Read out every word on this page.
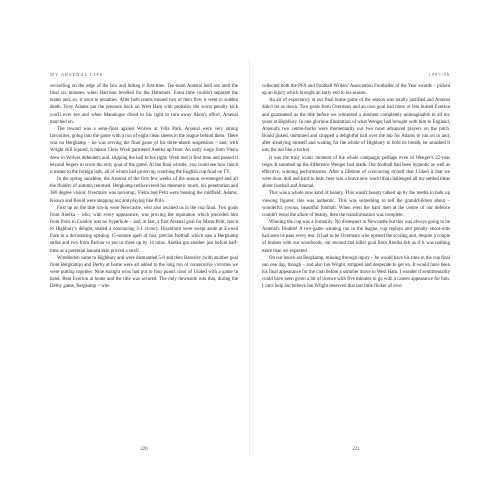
MY ARSENAL LIFE

swivelling on the edge of the box and hitting it first-time. Ten-team Arsenal held out until the final six minutes, when Harrison levelled for the Hammers. Extra time couldn't separate the teams and, so, it went to penalties. After both teams missed two of their five, it went to sudden death. Tony Adams put the pressure back on West Ham with probably the worst penalty kick you'll ever see and when Manninger dived to his right to turn away Abou's effort, Arsenal marched on.

The reward was a semi-final against Wolves at Villa Park. Arsenal were very strong favourites, going into the game with a run of eight clean sheets in the league behind them. There was no Bergkamp – he was serving the final game of his three-match suspension – and, with Wright still injured, it meant Chris Wreh partnered Anelka up front. An early surge from Vieira drew in Wolves defenders and, slipping the ball to his right, Wreh met it first time and passed it beyond Segers to score the only goal of the game. At the final whistle, you could see how much it meant to the foreign lads, all of whom had grown up watching the English cup final on TV.

In the spring sunshine, the Arsenal of the first few weeks of the season re-emerged and all the fluidity of autumn returned. Bergkamp rediscovered his mesmeric touch, his penetration and 380 degree vision; Overmars was non-stop; Vieira and Petit were bossing the midfield; Adams, Keown and Bould were stepping out and playing like Pirlo.

First up on the title run-in were Newcastle, who also awaited us in the cup final. Two goals from Anelka – who, with every appearance, was proving the reputation which preceded him from Paris to London was no hyperbole – and, at last, a first Arsenal goal for Manu Petit, much to Highbury's delight, sealed a convincing 3-1 victory. Blackburn were swept aside at Ewood Park in a devastating opening 15-minute spell of fast, precise football which saw a Bergkamp strike and two from Parlour to put us three up by 14 mins. Anelka got another just before half-time as a potential banana skin proved a stroll.

Wimbledon came to Highbury and were dismantled 5-0 and then Barnsley (with another goal from Bergkamp) and Derby at home were all added to the long run of consecutive victories we were putting together. Nine straight wins had put to four points clear of United with a game in hand. Beat Everton at home and the title was secured. The only downside was that, during the Derby game, Bergkamp – who

220
1997/98

collected both the PFA and Football Writers' Association Footballer of the Year awards – picked up an injury which brought an early end to his season.

An air of expectancy at our final home game of the season was totally justified and Arsenal didn't let us down. Two goals from Overmars and an own goal had more or less buried Everton and guaranteed us the title before we witnessed a moment completely unimaginable in all my years at Highbury. In one glorious illustration of what Wenger had brought with him to England, Arsenal's two centre-backs were momentarily our two most advanced players on the pitch. Bould jinked, dummied and chipped a delightful ball over the top for Adams to run on to and, after steadying himself and waiting for the whole of Highbury to hold its breath, he smashed it into the net like a rocket.

It was the truly iconic moment of the whole campaign, perhaps even of Wenger's 22-year reign. It summed up the difference Wenger had made. Our football had been hypnotic as well as effective, winning performances. After a lifetime of convincing myself that I liked it that we were dour, dull and hard to beat, here was a brave new world that challenged all my settled ideas about football and Arsenal.

This was a whole new kind of beauty. This wasn't beauty talked up by the media to bulk up viewing figures; this was authentic. This was something to tell the grandchildren about – wonderful, joyous, beautiful football. When even the hard men at the centre of our defence couldn't resist the allure of beauty, then the transformation was complete.

Winning the cup was a formality. No disrespect to Newcastle but this was always going to be Arsenal's Double! A two-game winning run in the league, cup replays and penalty shoot-outs had seen us pass every test. It had to be Overmars who opened the scoring and, despite a couple of bruises with our woodwork, our second and killer goal from Anelka felt as if it was nothing more than we expected.

On our bench sat Bergkamp, missing through injury – he would have his time in the cup final sun one day, though – and also Ian Wright, stripped and desperate to get on. It would have been his final appearance for the club before a summer move to West Ham. I wonder if sentimentality could have been given a bit of licence with five minutes to go with a cameo appearance for him. I can't help but believe Ian Wright deserved that last little flicker of love.

221
